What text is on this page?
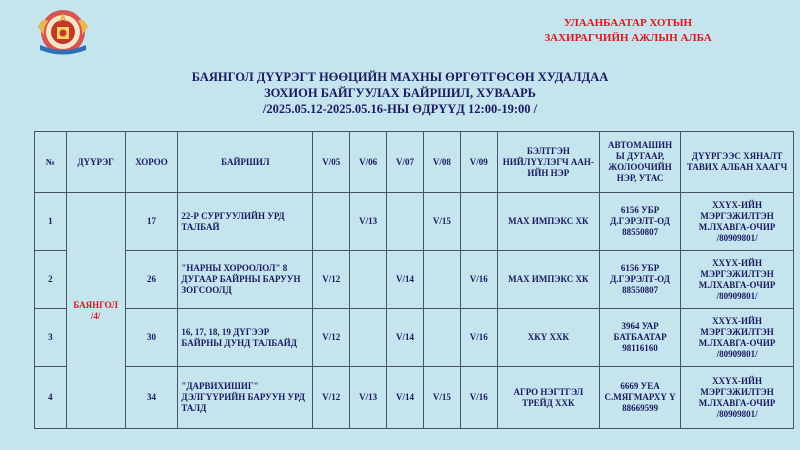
УЛААНБААТАР ХОТЫН
ЗАХИРАГЧИЙН АЖЛЫН АЛБА
БАЯНГОЛ ДҮҮРЭГТ НӨӨЦИЙН МАХНЫ ӨРГӨТГӨСӨН ХУДАЛДАА
ЗОХИОН БАЙГУУЛАХ БАЙРШИЛ, ХУВААРЬ
/2025.05.12-2025.05.16-НЫ ӨДРҮҮД 12:00-19:00 /
№	ДҮҮРЭГ	ХОРОО	БАЙРШИЛ	V/05	V/06	V/07	V/08	V/09	БЭЛТГЭН НИЙЛҮҮЛЭГЧ ААН-ИЙН НЭР	АВТОМАШИН Ы ДУГААР, ЖОЛООЧИЙН НЭР, УТАС	ДҮҮРГЭЭС ХЯНАЛТ ТАВИХ АЛБАН ХААГЧ
1	БАЯНГОЛ /4/	17	22-Р СУРГУУЛИЙН УРД ТАЛБАЙ		V/13		V/15		МАХ ИМПЭКС ХК	6156 УБР Д.ГЭРЭЛТ-ОД 88550807	ХХҮХ-ИЙН МЭРГЭЖИЛТЭН М.ЛХАВГА-ОЧИР /80909801/
2		26	"НАРНЫ ХОРООЛОЛ" 8 ДУГААР БАЙРНЫ БАРУУН ЗОГСООЛД	V/12		V/14		V/16	МАХ ИМПЭКС ХК	6156 УБР Д.ГЭРЭЛТ-ОД 88550807	ХХҮХ-ИЙН МЭРГЭЖИЛТЭН М.ЛХАВГА-ОЧИР /80909801/
3		30	16, 17, 18, 19 ДҮГЭЭР БАЙРНЫ ДУНД ТАЛБАЙД	V/12		V/14		V/16	ХКҮ ХХК	3964 УАР БАТБААТАР 98116160	ХХҮХ-ИЙН МЭРГЭЖИЛТЭН М.ЛХАВГА-ОЧИР /80909801/
4		34	"ДАРВИХИШИГ" ДЭЛГҮҮРИЙН БАРУУН УРД ТАЛД	V/12	V/13	V/14	V/15	V/16	АГРО НЭГТГЭЛ ТРЕЙД ХХК	6669 УЕА С.МЯГМАРХҮ Ү 88669599	ХХҮХ-ИЙН МЭРГЭЖИЛТЭН М.ЛХАВГА-ОЧИР /80909801/
